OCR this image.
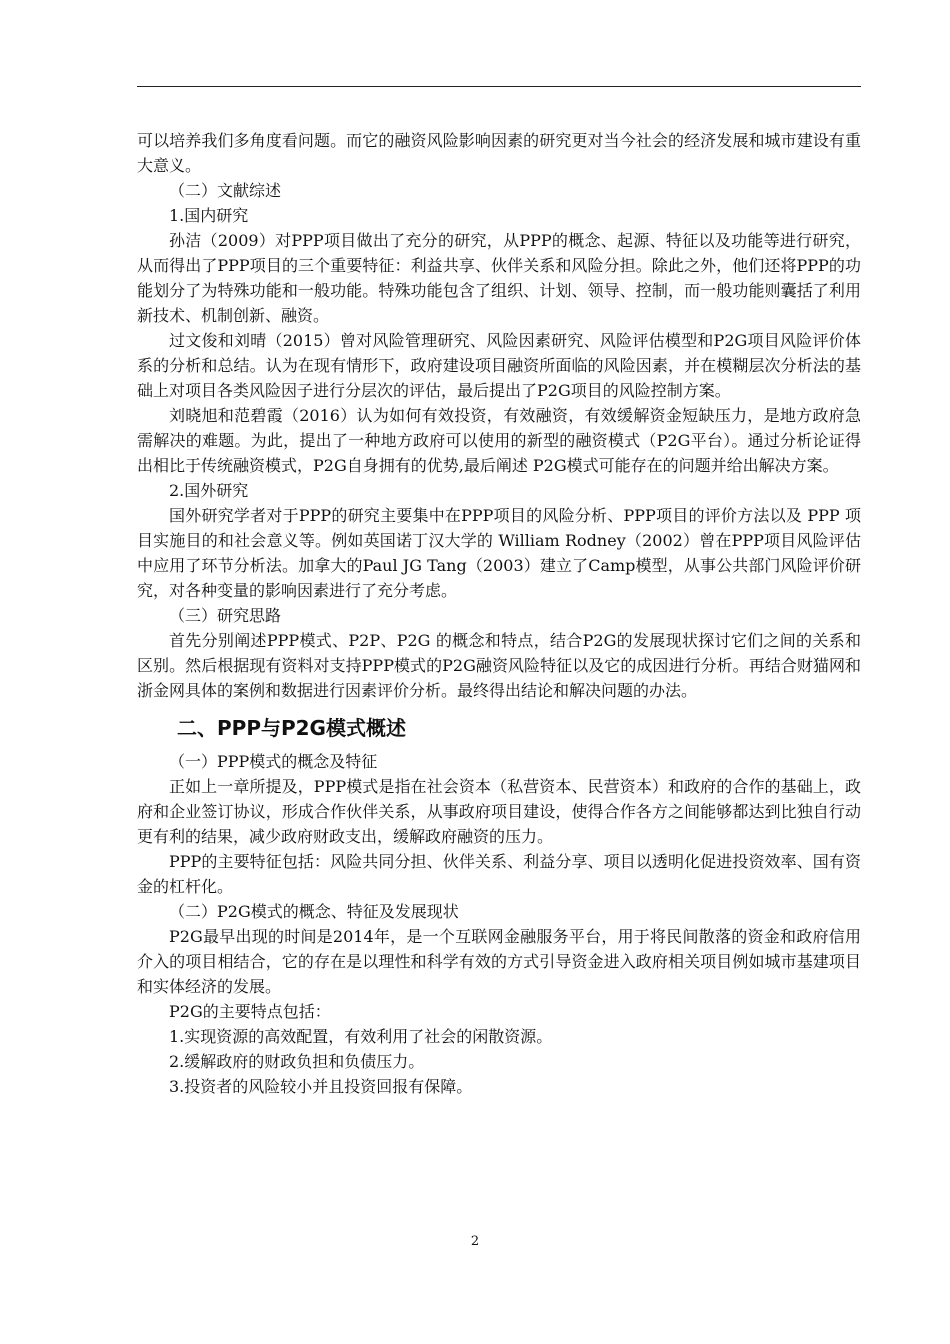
可以培养我们多角度看问题。而它的融资风险影响因素的研究更对当今社会的经济发展和城市建设有重大意义。

（二）文献综述

1.国内研究

孙洁（2009）对PPP项目做出了充分的研究，从PPP的概念、起源、特征以及功能等进行研究，从而得出了PPP项目的三个重要特征：利益共享、伙伴关系和风险分担。除此之外，他们还将PPP的功能划分了为特殊功能和一般功能。特殊功能包含了组织、计划、领导、控制，而一般功能则囊括了利用新技术、机制创新、融资。

过文俊和刘晴（2015）曾对风险管理研究、风险因素研究、风险评估模型和P2G项目风险评价体系的分析和总结。认为在现有情形下，政府建设项目融资所面临的风险因素，并在模糊层次分析法的基础上对项目各类风险因子进行分层次的评估，最后提出了P2G项目的风险控制方案。

刘晓旭和范碧霞（2016）认为如何有效投资，有效融资，有效缓解资金短缺压力，是地方政府急需解决的难题。为此，提出了一种地方政府可以使用的新型的融资模式（P2G平台）。通过分析论证得出相比于传统融资模式，P2G自身拥有的优势,最后阐述 P2G模式可能存在的问题并给出解决方案。

2.国外研究

国外研究学者对于PPP的研究主要集中在PPP项目的风险分析、PPP项目的评价方法以及 PPP 项目实施目的和社会意义等。例如英国诺丁汉大学的 William Rodney（2002）曾在PPP项目风险评估中应用了环节分析法。加拿大的Paul JG Tang（2003）建立了Camp模型，从事公共部门风险评价研究，对各种变量的影响因素进行了充分考虑。

（三）研究思路

首先分别阐述PPP模式、P2P、P2G 的概念和特点，结合P2G的发展现状探讨它们之间的关系和区别。然后根据现有资料对支持PPP模式的P2G融资风险特征以及它的成因进行分析。再结合财猫网和浙金网具体的案例和数据进行因素评价分析。最终得出结论和解决问题的办法。

二、PPP与P2G模式概述

（一）PPP模式的概念及特征

正如上一章所提及，PPP模式是指在社会资本（私营资本、民营资本）和政府的合作的基础上，政府和企业签订协议，形成合作伙伴关系，从事政府项目建设，使得合作各方之间能够都达到比独自行动更有利的结果，减少政府财政支出，缓解政府融资的压力。

PPP的主要特征包括：风险共同分担、伙伴关系、利益分享、项目以透明化促进投资效率、国有资金的杠杆化。

（二）P2G模式的概念、特征及发展现状

P2G最早出现的时间是2014年，是一个互联网金融服务平台，用于将民间散落的资金和政府信用介入的项目相结合，它的存在是以理性和科学有效的方式引导资金进入政府相关项目例如城市基建项目和实体经济的发展。

P2G的主要特点包括：

1.实现资源的高效配置，有效利用了社会的闲散资源。

2.缓解政府的财政负担和负债压力。

3.投资者的风险较小并且投资回报有保障。

2
